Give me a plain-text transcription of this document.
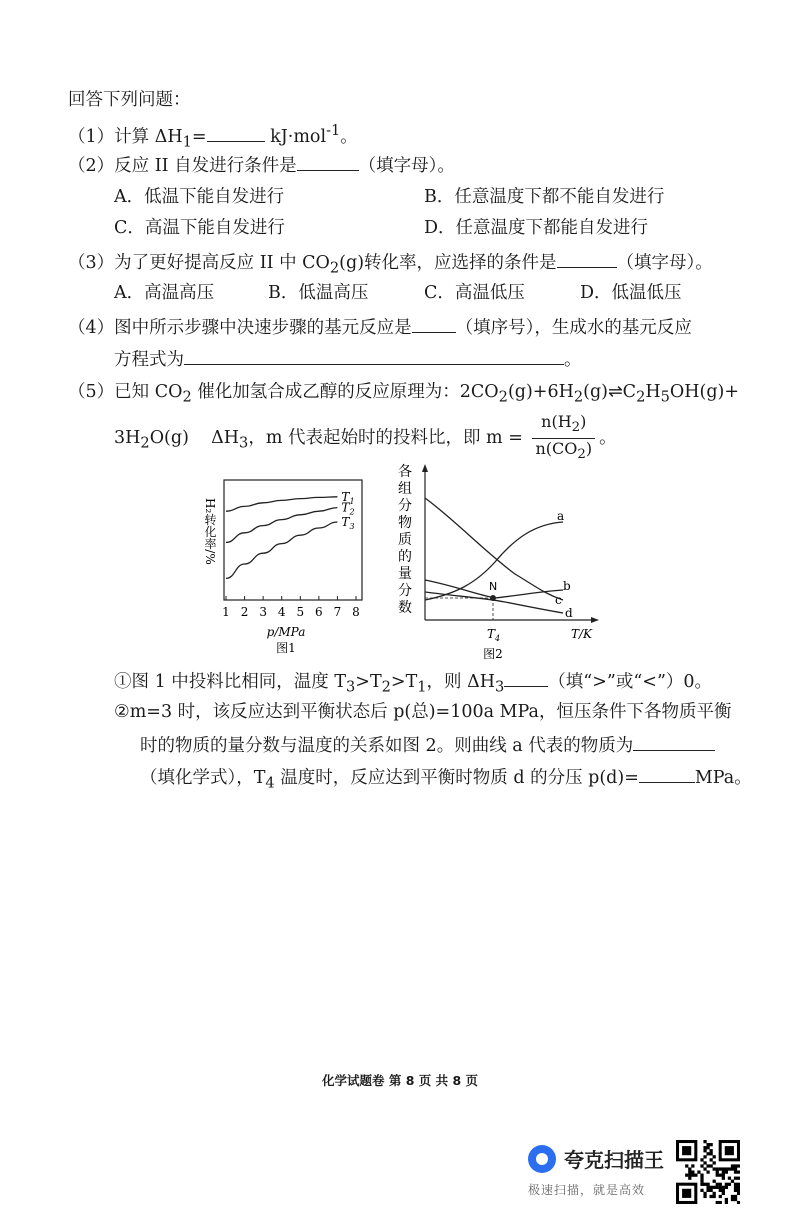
回答下列问题：
（1）计算 $\Delta H_1=$	kJ·mol$^{-1}$。
（2）反应 II 自发进行条件是	（填字母）。
A．低温下能自发进行	B．任意温度下都不能自发进行
C．高温下能自发进行	D．任意温度下都能自发进行
（3）为了更好提高反应 II 中 $CO_2(g)$转化率，应选择的条件是	（填字母）。
A．高温高压	B．低温高压	C．高温低压	D．低温低压
（4）图中所示步骤中决速步骤的基元反应是	（填序号），生成水的基元反应
方程式为	。
（5）已知 $CO_2$ 催化加氢合成乙醇的反应原理为：$2CO_2(g)+6H_2(g)\rightleftharpoons C_2H_5OH(g)+$
$3H_2O(g)$    $\Delta H_3$，m 代表起始时的投料比，即 $m = \frac{n(H_2)}{n(CO_2)}$ 。
H₂转化率/%
1 2 3 4 5 6 7 8
$T_1$
$T_2$
$T_3$
p/MPa
图1
各
组
分
物
质
的
量
分
数
N
a
b
c
d
$T_4$	T/K
图2
①图 1 中投料比相同，温度 $T_3>T_2>T_1$，则 $\Delta H_3$	（填“>”或“<”）0。
②m=3 时，该反应达到平衡状态后 p(总)=100a MPa，恒压条件下各物质平衡
时的物质的量分数与温度的关系如图 2。则曲线 a 代表的物质为
（填化学式），$T_4$ 温度时，反应达到平衡时物质 d 的分压 p(d)=	MPa。
化学试题卷 第 8 页 共 8 页
夸克扫描王
极速扫描，就是高效
